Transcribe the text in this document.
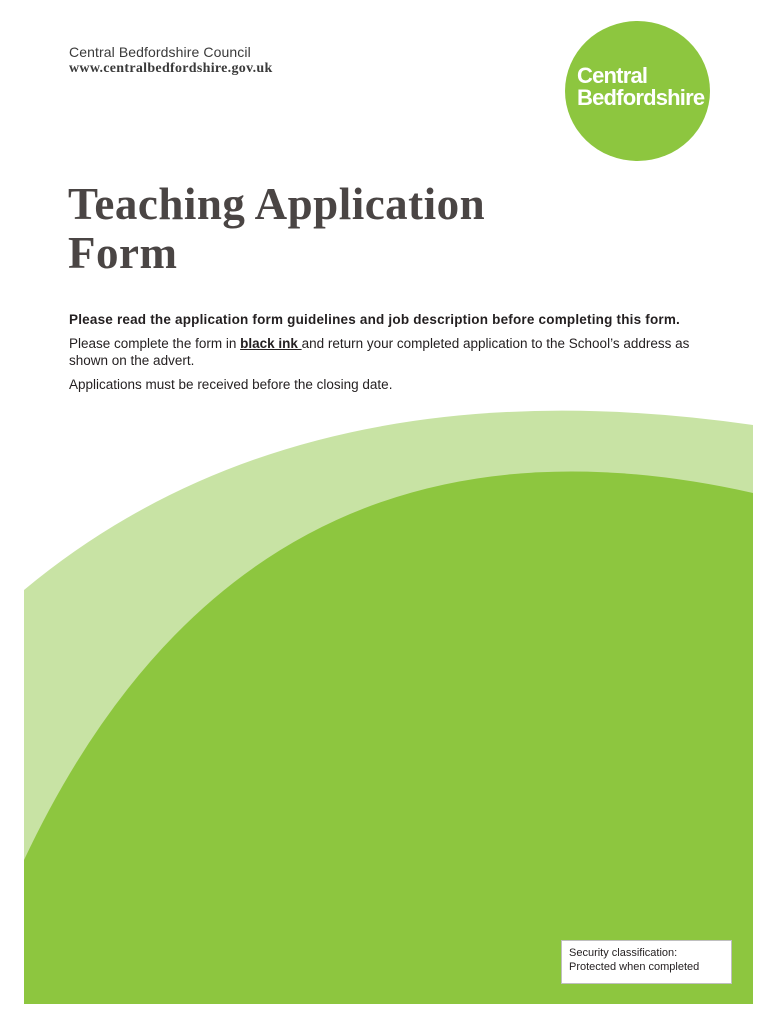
Central Bedfordshire Council
www.centralbedfordshire.gov.uk	Central
Bedfordshire
Teaching Application
Form

Please read the application form guidelines and job description before completing this form.

Please complete the form in black ink and return your completed application to the School’s address as shown on the advert.

Applications must be received before the closing date.

Security classification:
Protected when completed
